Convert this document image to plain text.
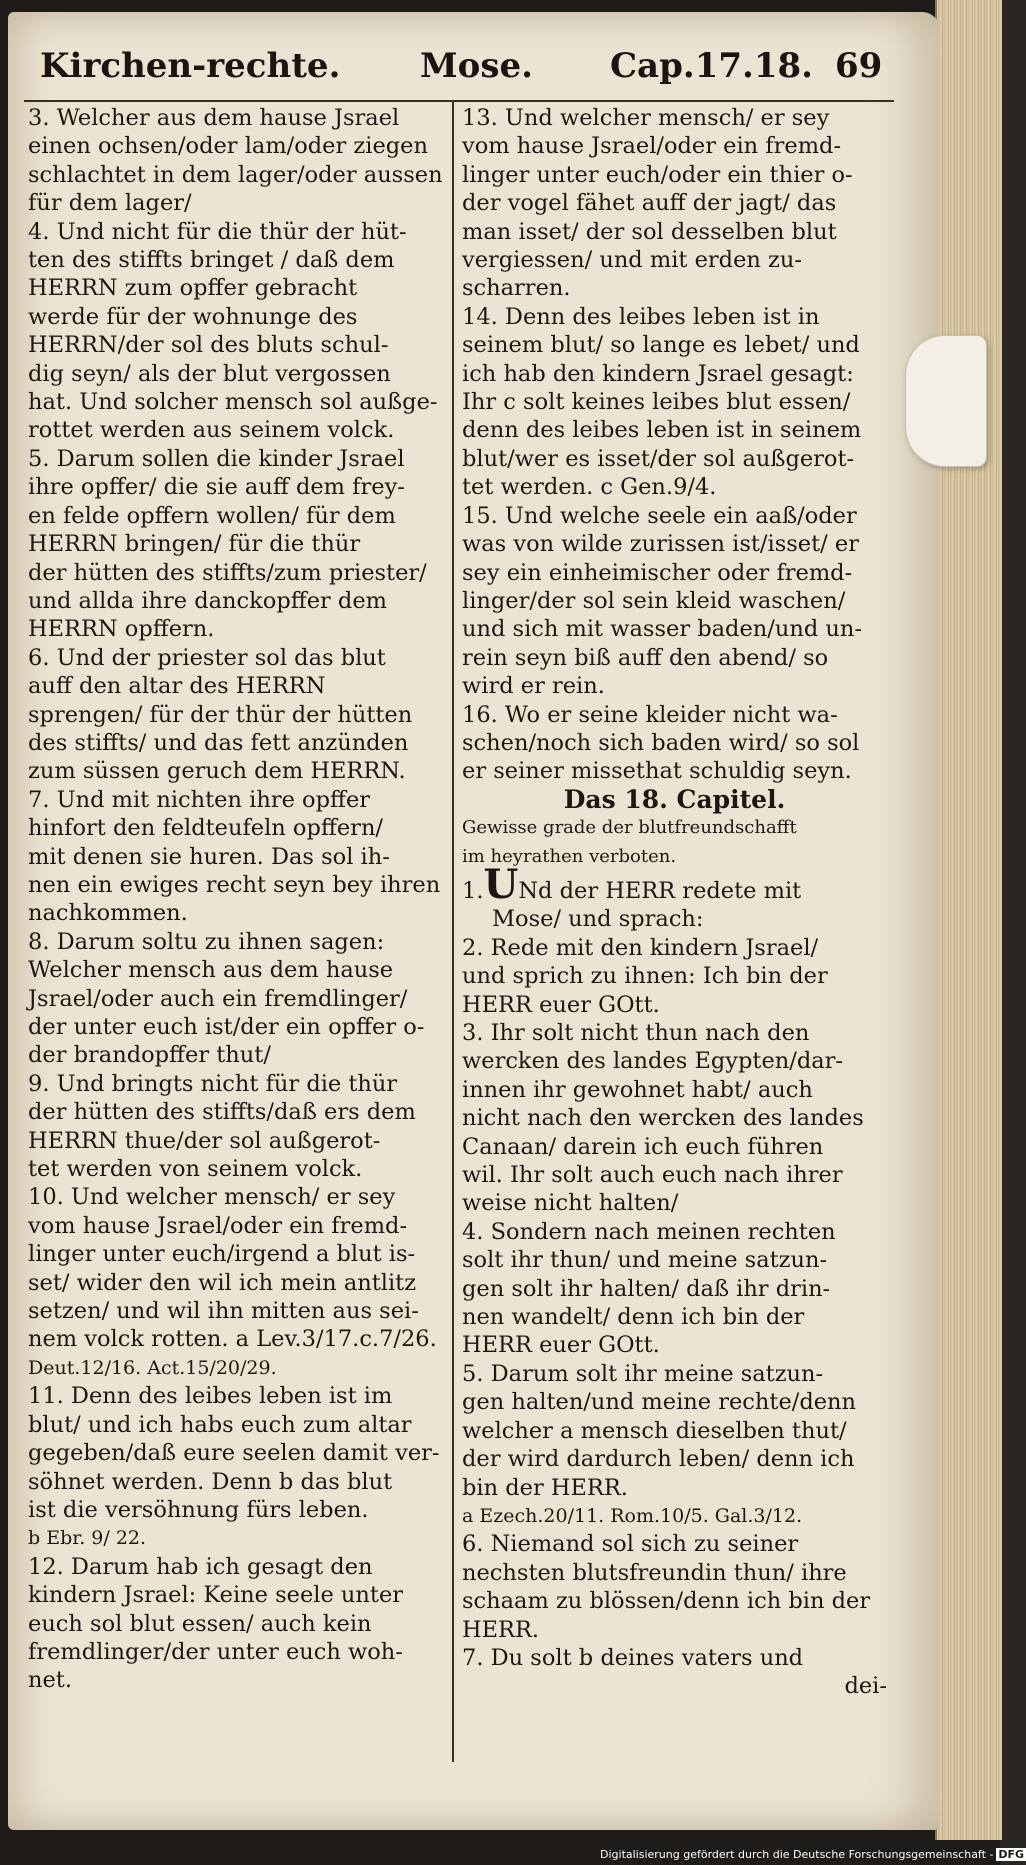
Kirchen-rechte. Mose. Cap.17.18. 69

3. Welcher aus dem hause Jsrael

einen ochsen/oder lam/oder ziegen

schlachtet in dem lager/oder aussen

für dem lager/

4. Und nicht für die thür der hüt-

ten des stiffts bringet / daß dem

HERRN zum opffer gebracht

werde für der wohnunge des

HERRN/der sol des bluts schul-

dig seyn/ als der blut vergossen

hat. Und solcher mensch sol außge-

rottet werden aus seinem volck.

5. Darum sollen die kinder Jsrael

ihre opffer/ die sie auff dem frey-

en felde opffern wollen/ für dem

HERRN bringen/ für die thür

der hütten des stiffts/zum priester/

und allda ihre danckopffer dem

HERRN opffern.

6. Und der priester sol das blut

auff den altar des HERRN

sprengen/ für der thür der hütten

des stiffts/ und das fett anzünden

zum süssen geruch dem HERRN.

7. Und mit nichten ihre opffer

hinfort den feldteufeln opffern/

mit denen sie huren. Das sol ih-

nen ein ewiges recht seyn bey ihren

nachkommen.

8. Darum soltu zu ihnen sagen:

Welcher mensch aus dem hause

Jsrael/oder auch ein fremdlinger/

der unter euch ist/der ein opffer o-

der brandopffer thut/

9. Und bringts nicht für die thür

der hütten des stiffts/daß ers dem

HERRN thue/der sol außgerot-

tet werden von seinem volck.

10. Und welcher mensch/ er sey

vom hause Jsrael/oder ein fremd-

linger unter euch/irgend a blut is-

set/ wider den wil ich mein antlitz

setzen/ und wil ihn mitten aus sei-

nem volck rotten. a Lev.3/17.c.7/26.

Deut.12/16. Act.15/20/29.

11. Denn des leibes leben ist im

blut/ und ich habs euch zum altar

gegeben/daß eure seelen damit ver-

söhnet werden. Denn b das blut

ist die versöhnung fürs leben.

b Ebr. 9/ 22.

12. Darum hab ich gesagt den

kindern Jsrael: Keine seele unter

euch sol blut essen/ auch kein

fremdlinger/der unter euch woh-

net.

13. Und welcher mensch/ er sey

vom hause Jsrael/oder ein fremd-

linger unter euch/oder ein thier o-

der vogel fähet auff der jagt/ das

man isset/ der sol desselben blut

vergiessen/ und mit erden zu-

scharren.

14. Denn des leibes leben ist in

seinem blut/ so lange es lebet/ und

ich hab den kindern Jsrael gesagt:

Ihr c solt keines leibes blut essen/

denn des leibes leben ist in seinem

blut/wer es isset/der sol außgerot-

tet werden. c Gen.9/4.

15. Und welche seele ein aaß/oder

was von wilde zurissen ist/isset/ er

sey ein einheimischer oder fremd-

linger/der sol sein kleid waschen/

und sich mit wasser baden/und un-

rein seyn biß auff den abend/ so

wird er rein.

16. Wo er seine kleider nicht wa-

schen/noch sich baden wird/ so sol

er seiner missethat schuldig seyn.

Das 18. Capitel.

Gewisse grade der blutfreundschafft

im heyrathen verboten.

1.UNd der HERR redete mit

Mose/ und sprach:

2. Rede mit den kindern Jsrael/

und sprich zu ihnen: Ich bin der

HERR euer GOtt.

3. Ihr solt nicht thun nach den

wercken des landes Egypten/dar-

innen ihr gewohnet habt/ auch

nicht nach den wercken des landes

Canaan/ darein ich euch führen

wil. Ihr solt auch euch nach ihrer

weise nicht halten/

4. Sondern nach meinen rechten

solt ihr thun/ und meine satzun-

gen solt ihr halten/ daß ihr drin-

nen wandelt/ denn ich bin der

HERR euer GOtt.

5. Darum solt ihr meine satzun-

gen halten/und meine rechte/denn

welcher a mensch dieselben thut/

der wird dardurch leben/ denn ich

bin der HERR.

a Ezech.20/11. Rom.10/5. Gal.3/12.

6. Niemand sol sich zu seiner

nechsten blutsfreundin thun/ ihre

schaam zu blössen/denn ich bin der

HERR.

7. Du solt b deines vaters und

dei-

Digitalisierung gefördert durch die Deutsche Forschungsgemeinschaft - DFG
